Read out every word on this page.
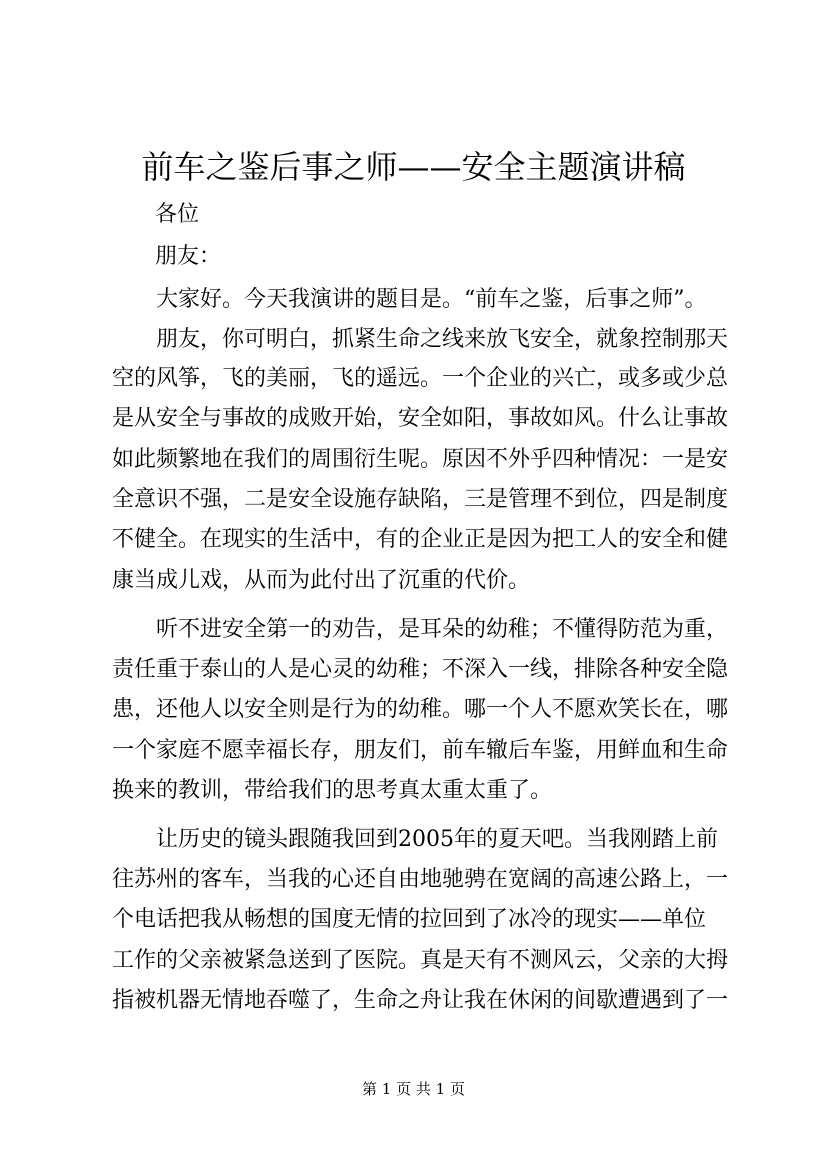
前车之鉴后事之师——安全主题演讲稿
各位
朋友：
大家好。今天我演讲的题目是。“前车之鉴，后事之师”。
朋友，你可明白，抓紧生命之线来放飞安全，就象控制那天
空的风筝，飞的美丽，飞的遥远。一个企业的兴亡，或多或少总
是从安全与事故的成败开始，安全如阳，事故如风。什么让事故
如此频繁地在我们的周围衍生呢。原因不外乎四种情况：一是安
全意识不强，二是安全设施存缺陷，三是管理不到位，四是制度
不健全。在现实的生活中，有的企业正是因为把工人的安全和健
康当成儿戏，从而为此付出了沉重的代价。
听不进安全第一的劝告，是耳朵的幼稚；不懂得防范为重，
责任重于泰山的人是心灵的幼稚；不深入一线，排除各种安全隐
患，还他人以安全则是行为的幼稚。哪一个人不愿欢笑长在，哪
一个家庭不愿幸福长存，朋友们，前车辙后车鉴，用鲜血和生命
换来的教训，带给我们的思考真太重太重了。
让历史的镜头跟随我回到2005年的夏天吧。当我刚踏上前
往苏州的客车，当我的心还自由地驰骋在宽阔的高速公路上，一
个电话把我从畅想的国度无情的拉回到了冰冷的现实——单位
工作的父亲被紧急送到了医院。真是天有不测风云，父亲的大拇
指被机器无情地吞噬了，生命之舟让我在休闲的间歇遭遇到了一
第 1 页 共 1 页
